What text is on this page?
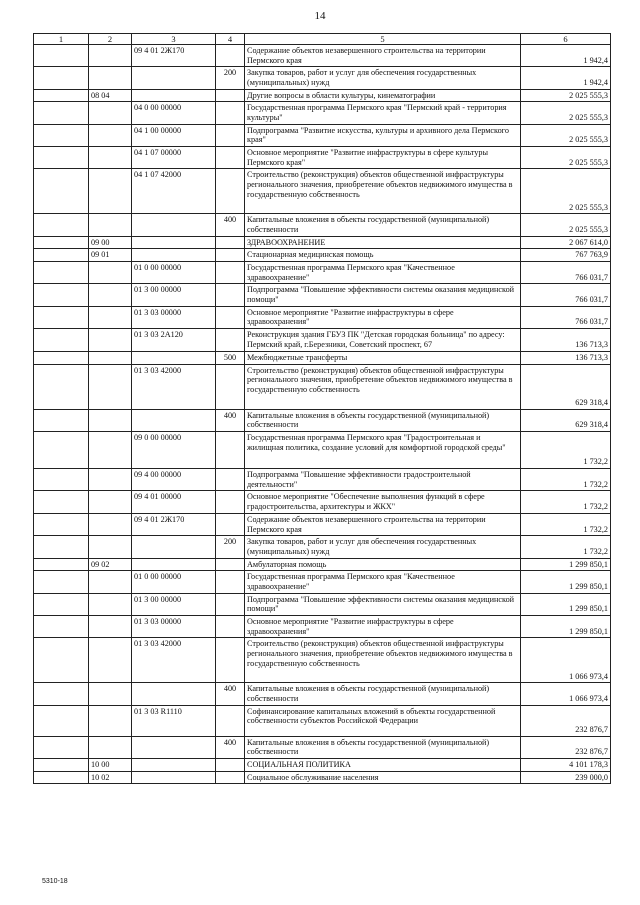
14
1	2	3	4	5	6
		09 4 01 2Ж170		Содержание объектов незавершенного строительства на территории Пермского края	1 942,4
			200	Закупка товаров, работ и услуг для обеспечения государственных (муниципальных) нужд	1 942,4
	08 04			Другие вопросы в области культуры, кинематографии	2 025 555,3
		04 0 00 00000		Государственная программа Пермского края "Пермский край - территория культуры"	2 025 555,3
		04 1 00 00000		Подпрограмма "Развитие искусства, культуры и архивного дела Пермского края"	2 025 555,3
		04 1 07 00000		Основное мероприятие "Развитие инфраструктуры в сфере культуры Пермского края"	2 025 555,3
		04 1 07 42000		Строительство (реконструкция) объектов общественной инфраструктуры регионального значения, приобретение объектов недвижимого имущества в государственную собственность	2 025 555,3
			400	Капитальные вложения в объекты государственной (муниципальной) собственности	2 025 555,3
	09 00			ЗДРАВООХРАНЕНИЕ	2 067 614,0
	09 01			Стационарная медицинская помощь	767 763,9
		01 0 00 00000		Государственная программа Пермского края "Качественное здравоохранение"	766 031,7
		01 3 00 00000		Подпрограмма "Повышение эффективности системы оказания медицинской помощи"	766 031,7
		01 3 03 00000		Основное мероприятие "Развитие инфраструктуры в сфере здравоохранения"	766 031,7
		01 3 03 2А120		Реконструкция здания ГБУЗ ПК "Детская городская больница" по адресу: Пермский край, г.Березники, Советский проспект, 67	136 713,3
			500	Межбюджетные трансферты	136 713,3
		01 3 03 42000		Строительство (реконструкция) объектов общественной инфраструктуры регионального значения, приобретение объектов недвижимого имущества в государственную собственность	629 318,4
			400	Капитальные вложения в объекты государственной (муниципальной) собственности	629 318,4
		09 0 00 00000		Государственная программа Пермского края "Градостроительная и жилищная политика, создание условий для комфортной городской среды"	1 732,2
		09 4 00 00000		Подпрограмма "Повышение эффективности градостроительной деятельности"	1 732,2
		09 4 01 00000		Основное мероприятие "Обеспечение выполнения функций в сфере градостроительства, архитектуры и ЖКХ"	1 732,2
		09 4 01 2Ж170		Содержание объектов незавершенного строительства на территории Пермского края	1 732,2
			200	Закупка товаров, работ и услуг для обеспечения государственных (муниципальных) нужд	1 732,2
	09 02			Амбулаторная помощь	1 299 850,1
		01 0 00 00000		Государственная программа Пермского края "Качественное здравоохранение"	1 299 850,1
		01 3 00 00000		Подпрограмма "Повышение эффективности системы оказания медицинской помощи"	1 299 850,1
		01 3 03 00000		Основное мероприятие "Развитие инфраструктуры в сфере здравоохранения"	1 299 850,1
		01 3 03 42000		Строительство (реконструкция) объектов общественной инфраструктуры регионального значения, приобретение объектов недвижимого имущества в государственную собственность	1 066 973,4
			400	Капитальные вложения в объекты государственной (муниципальной) собственности	1 066 973,4
		01 3 03 R1110		Софинансирование капитальных вложений в объекты государственной собственности субъектов Российской Федерации	232 876,7
			400	Капитальные вложения в объекты государственной (муниципальной) собственности	232 876,7
	10 00			СОЦИАЛЬНАЯ ПОЛИТИКА	4 101 178,3
	10 02			Социальное обслуживание населения	239 000,0
5310-18
